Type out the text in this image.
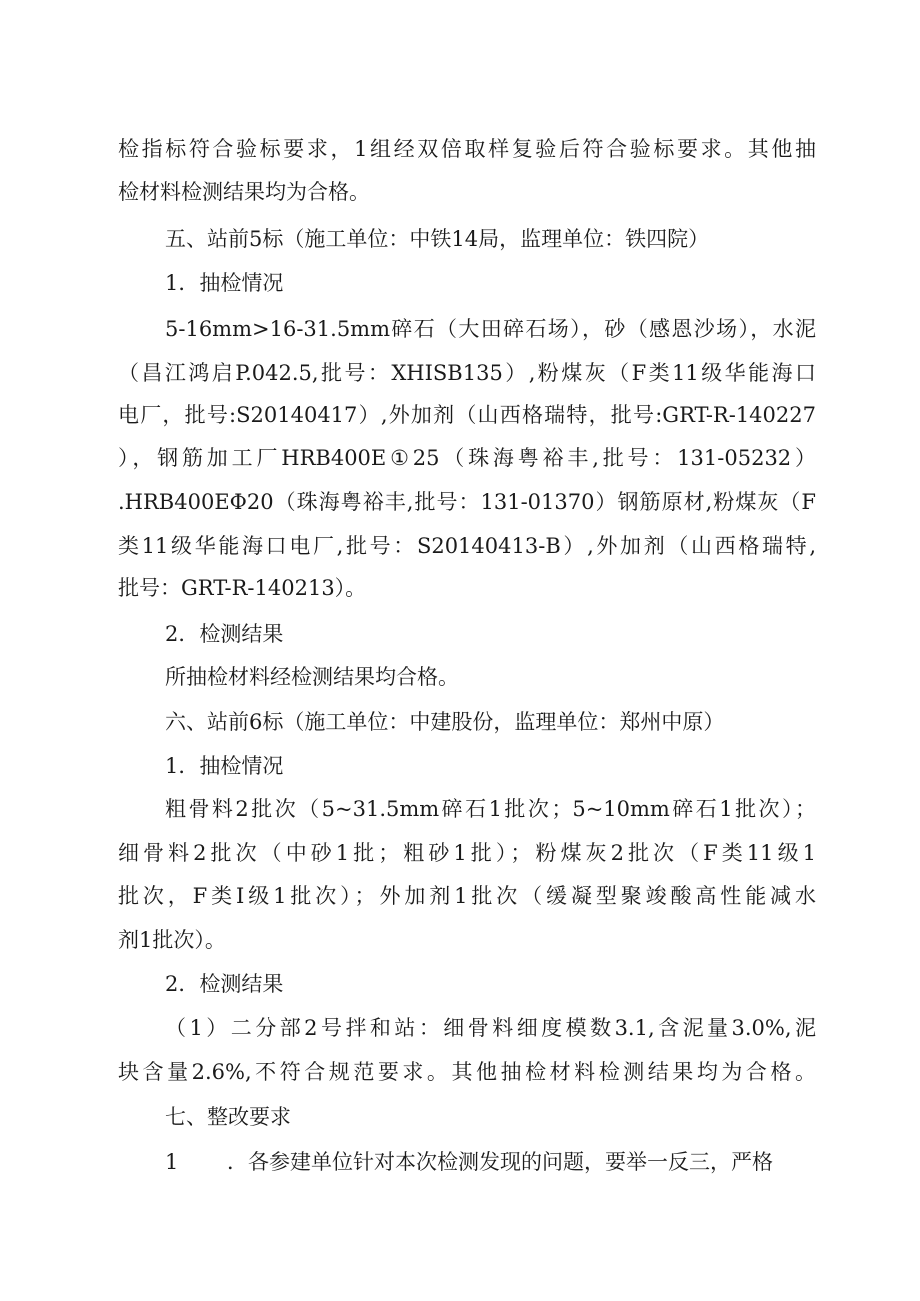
检指标符合验标要求，1组经双倍取样复验后符合验标要求。其他抽
检材料检测结果均为合格。
五、站前5标（施工单位：中铁14局，监理单位：铁四院）
1．抽检情况
5-16mm>16-31.5mm碎石（大田碎石场），砂（感恩沙场），水泥
（昌江鸿启P.042.5,批号：XHISB135）,粉煤灰（F类11级华能海口
电厂，批号:S20140417）,外加剂（山西格瑞特，批号:GRT-R-140227
），钢筋加工厂HRB400E①25（珠海粤裕丰,批号：131-05232）
.HRB400EΦ20（珠海粤裕丰,批号：131-01370）钢筋原材,粉煤灰（F
类11级华能海口电厂,批号：S20140413-B）,外加剂（山西格瑞特,
批号：GRT-R-140213）。
2．检测结果
所抽检材料经检测结果均合格。
六、站前6标（施工单位：中建股份，监理单位：郑州中原）
1．抽检情况
粗骨料2批次（5~31.5mm碎石1批次；5~10mm碎石1批次）；
细骨料2批次（中砂1批；粗砂1批）；粉煤灰2批次（F类11级1
批次，F类Ⅰ级1批次）；外加剂1批次（缓凝型聚竣酸高性能减水
剂1批次）。
2．检测结果
（1）二分部2号拌和站：细骨料细度模数3.1,含泥量3.0%,泥
块含量2.6%,不符合规范要求。其他抽检材料检测结果均为合格。
七、整改要求
1 ．各参建单位针对本次检测发现的问题，要举一反三，严格
